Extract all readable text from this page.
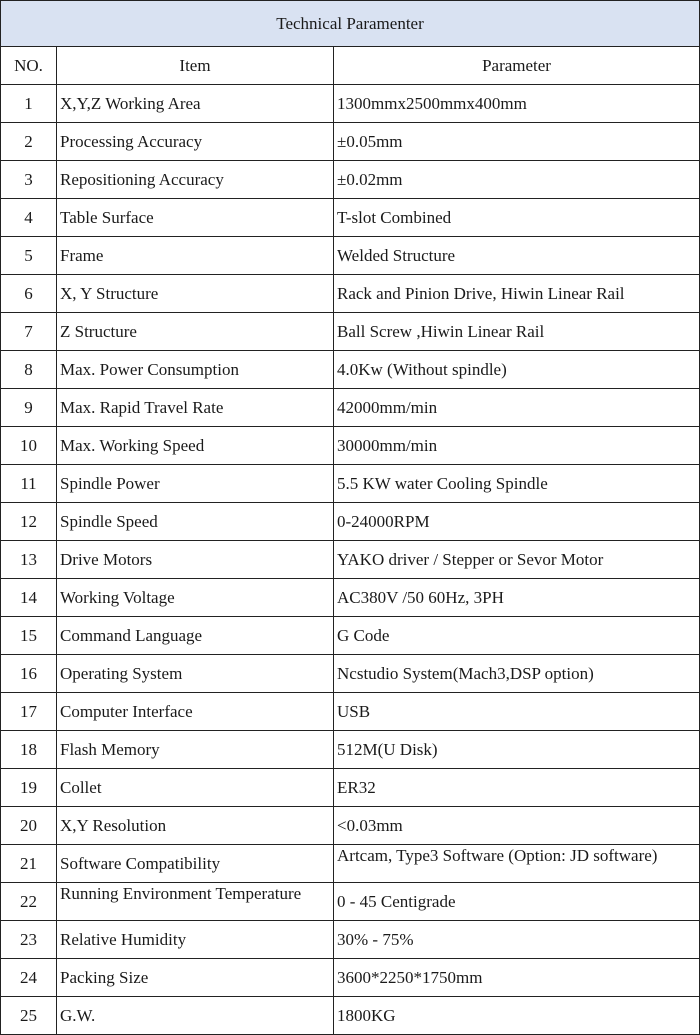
Technical Paramenter		
NO.	Item	Parameter
1	X,Y,Z Working Area	1300mmx2500mmx400mm
2	Processing Accuracy	±0.05mm
3	Repositioning Accuracy	±0.02mm
4	Table Surface	T-slot Combined
5	Frame	Welded Structure
6	X, Y Structure	Rack and Pinion Drive, Hiwin Linear Rail
7	Z Structure	Ball Screw ,Hiwin Linear Rail
8	Max. Power Consumption	4.0Kw (Without spindle)
9	Max. Rapid Travel Rate	42000mm/min
10	Max. Working Speed	30000mm/min
11	Spindle Power	5.5 KW water Cooling Spindle
12	Spindle Speed	0-24000RPM
13	Drive Motors	YAKO driver / Stepper or Sevor Motor
14	Working Voltage	AC380V /50 60Hz, 3PH
15	Command Language	G Code
16	Operating System	Ncstudio System(Mach3,DSP option)
17	Computer Interface	USB
18	Flash Memory	512M(U Disk)
19	Collet	ER32
20	X,Y Resolution	<0.03mm
21	Software Compatibility	Artcam, Type3 Software (Option: JD software)

22	Running Environment Temperature	0 - 45 Centigrade
23	Relative Humidity	30% - 75%
24	Packing Size	3600*2250*1750mm
25	G.W.	1800KG
